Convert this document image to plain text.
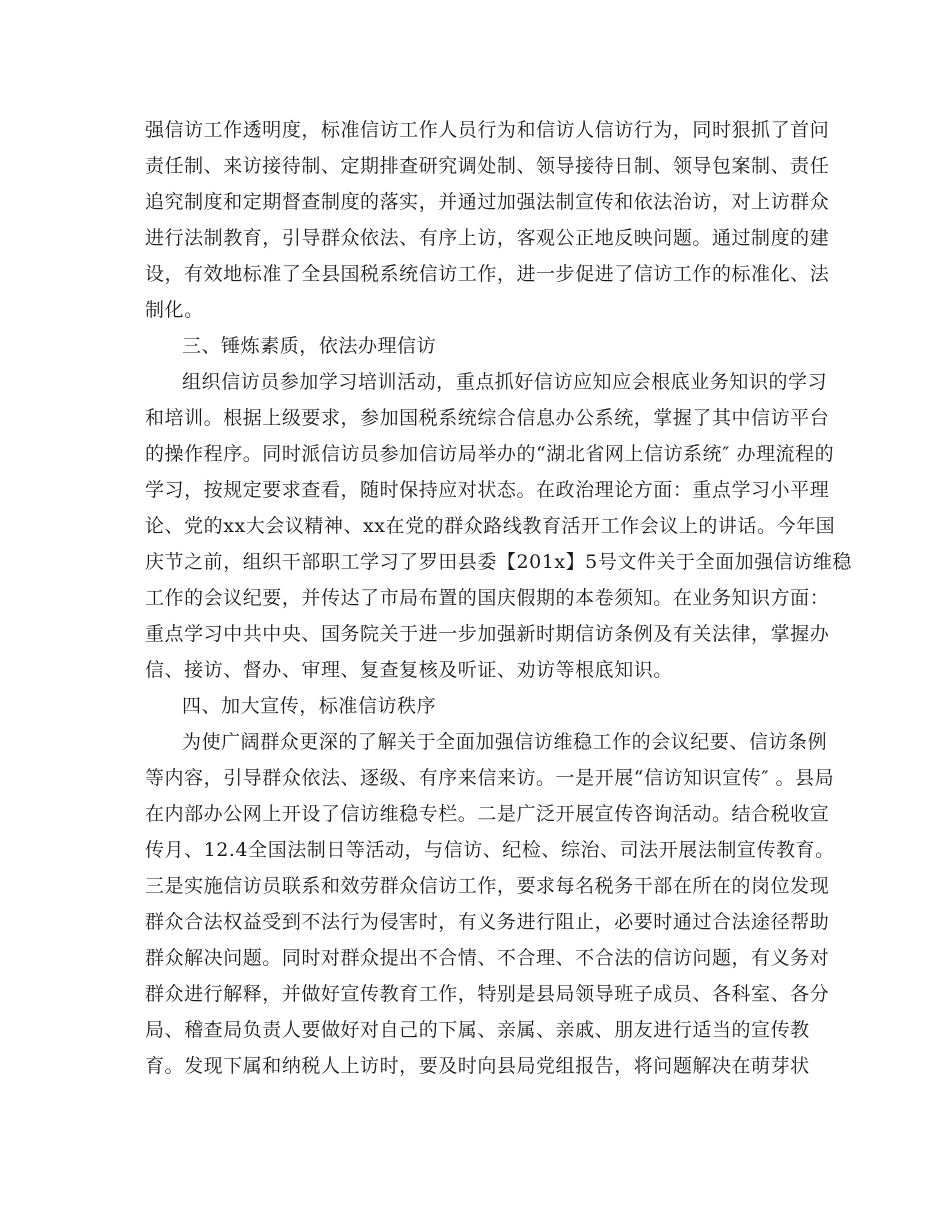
强信访工作透明度，标准信访工作人员行为和信访人信访行为，同时狠抓了首问
责任制、来访接待制、定期排查研究调处制、领导接待日制、领导包案制、责任
追究制度和定期督查制度的落实，并通过加强法制宣传和依法治访，对上访群众
进行法制教育，引导群众依法、有序上访，客观公正地反映问题。通过制度的建
设，有效地标准了全县国税系统信访工作，进一步促进了信访工作的标准化、法
制化。
三、锤炼素质，依法办理信访
组织信访员参加学习培训活动，重点抓好信访应知应会根底业务知识的学习
和培训。根据上级要求，参加国税系统综合信息办公系统，掌握了其中信访平台
的操作程序。同时派信访员参加信访局举办的“湖北省网上信访系统″ 办理流程的
学习，按规定要求查看，随时保持应对状态。在政治理论方面：重点学习小平理
论、党的xx大会议精神、xx在党的群众路线教育活开工作会议上的讲话。今年国
庆节之前，组织干部职工学习了罗田县委【201x】5号文件关于全面加强信访维稳
工作的会议纪要，并传达了市局布置的国庆假期的本卷须知。在业务知识方面：
重点学习中共中央、国务院关于进一步加强新时期信访条例及有关法律，掌握办
信、接访、督办、审理、复查复核及听证、劝访等根底知识。
四、加大宣传，标准信访秩序
为使广阔群众更深的了解关于全面加强信访维稳工作的会议纪要、信访条例
等内容，引导群众依法、逐级、有序来信来访。一是开展“信访知识宣传″ 。县局
在内部办公网上开设了信访维稳专栏。二是广泛开展宣传咨询活动。结合税收宣
传月、12.4全国法制日等活动，与信访、纪检、综治、司法开展法制宣传教育。
三是实施信访员联系和效劳群众信访工作，要求每名税务干部在所在的岗位发现
群众合法权益受到不法行为侵害时，有义务进行阻止，必要时通过合法途径帮助
群众解决问题。同时对群众提出不合情、不合理、不合法的信访问题，有义务对
群众进行解释，并做好宣传教育工作，特别是县局领导班子成员、各科室、各分
局、稽查局负责人要做好对自己的下属、亲属、亲戚、朋友进行适当的宣传教
育。发现下属和纳税人上访时，要及时向县局党组报告，将问题解决在萌芽状
